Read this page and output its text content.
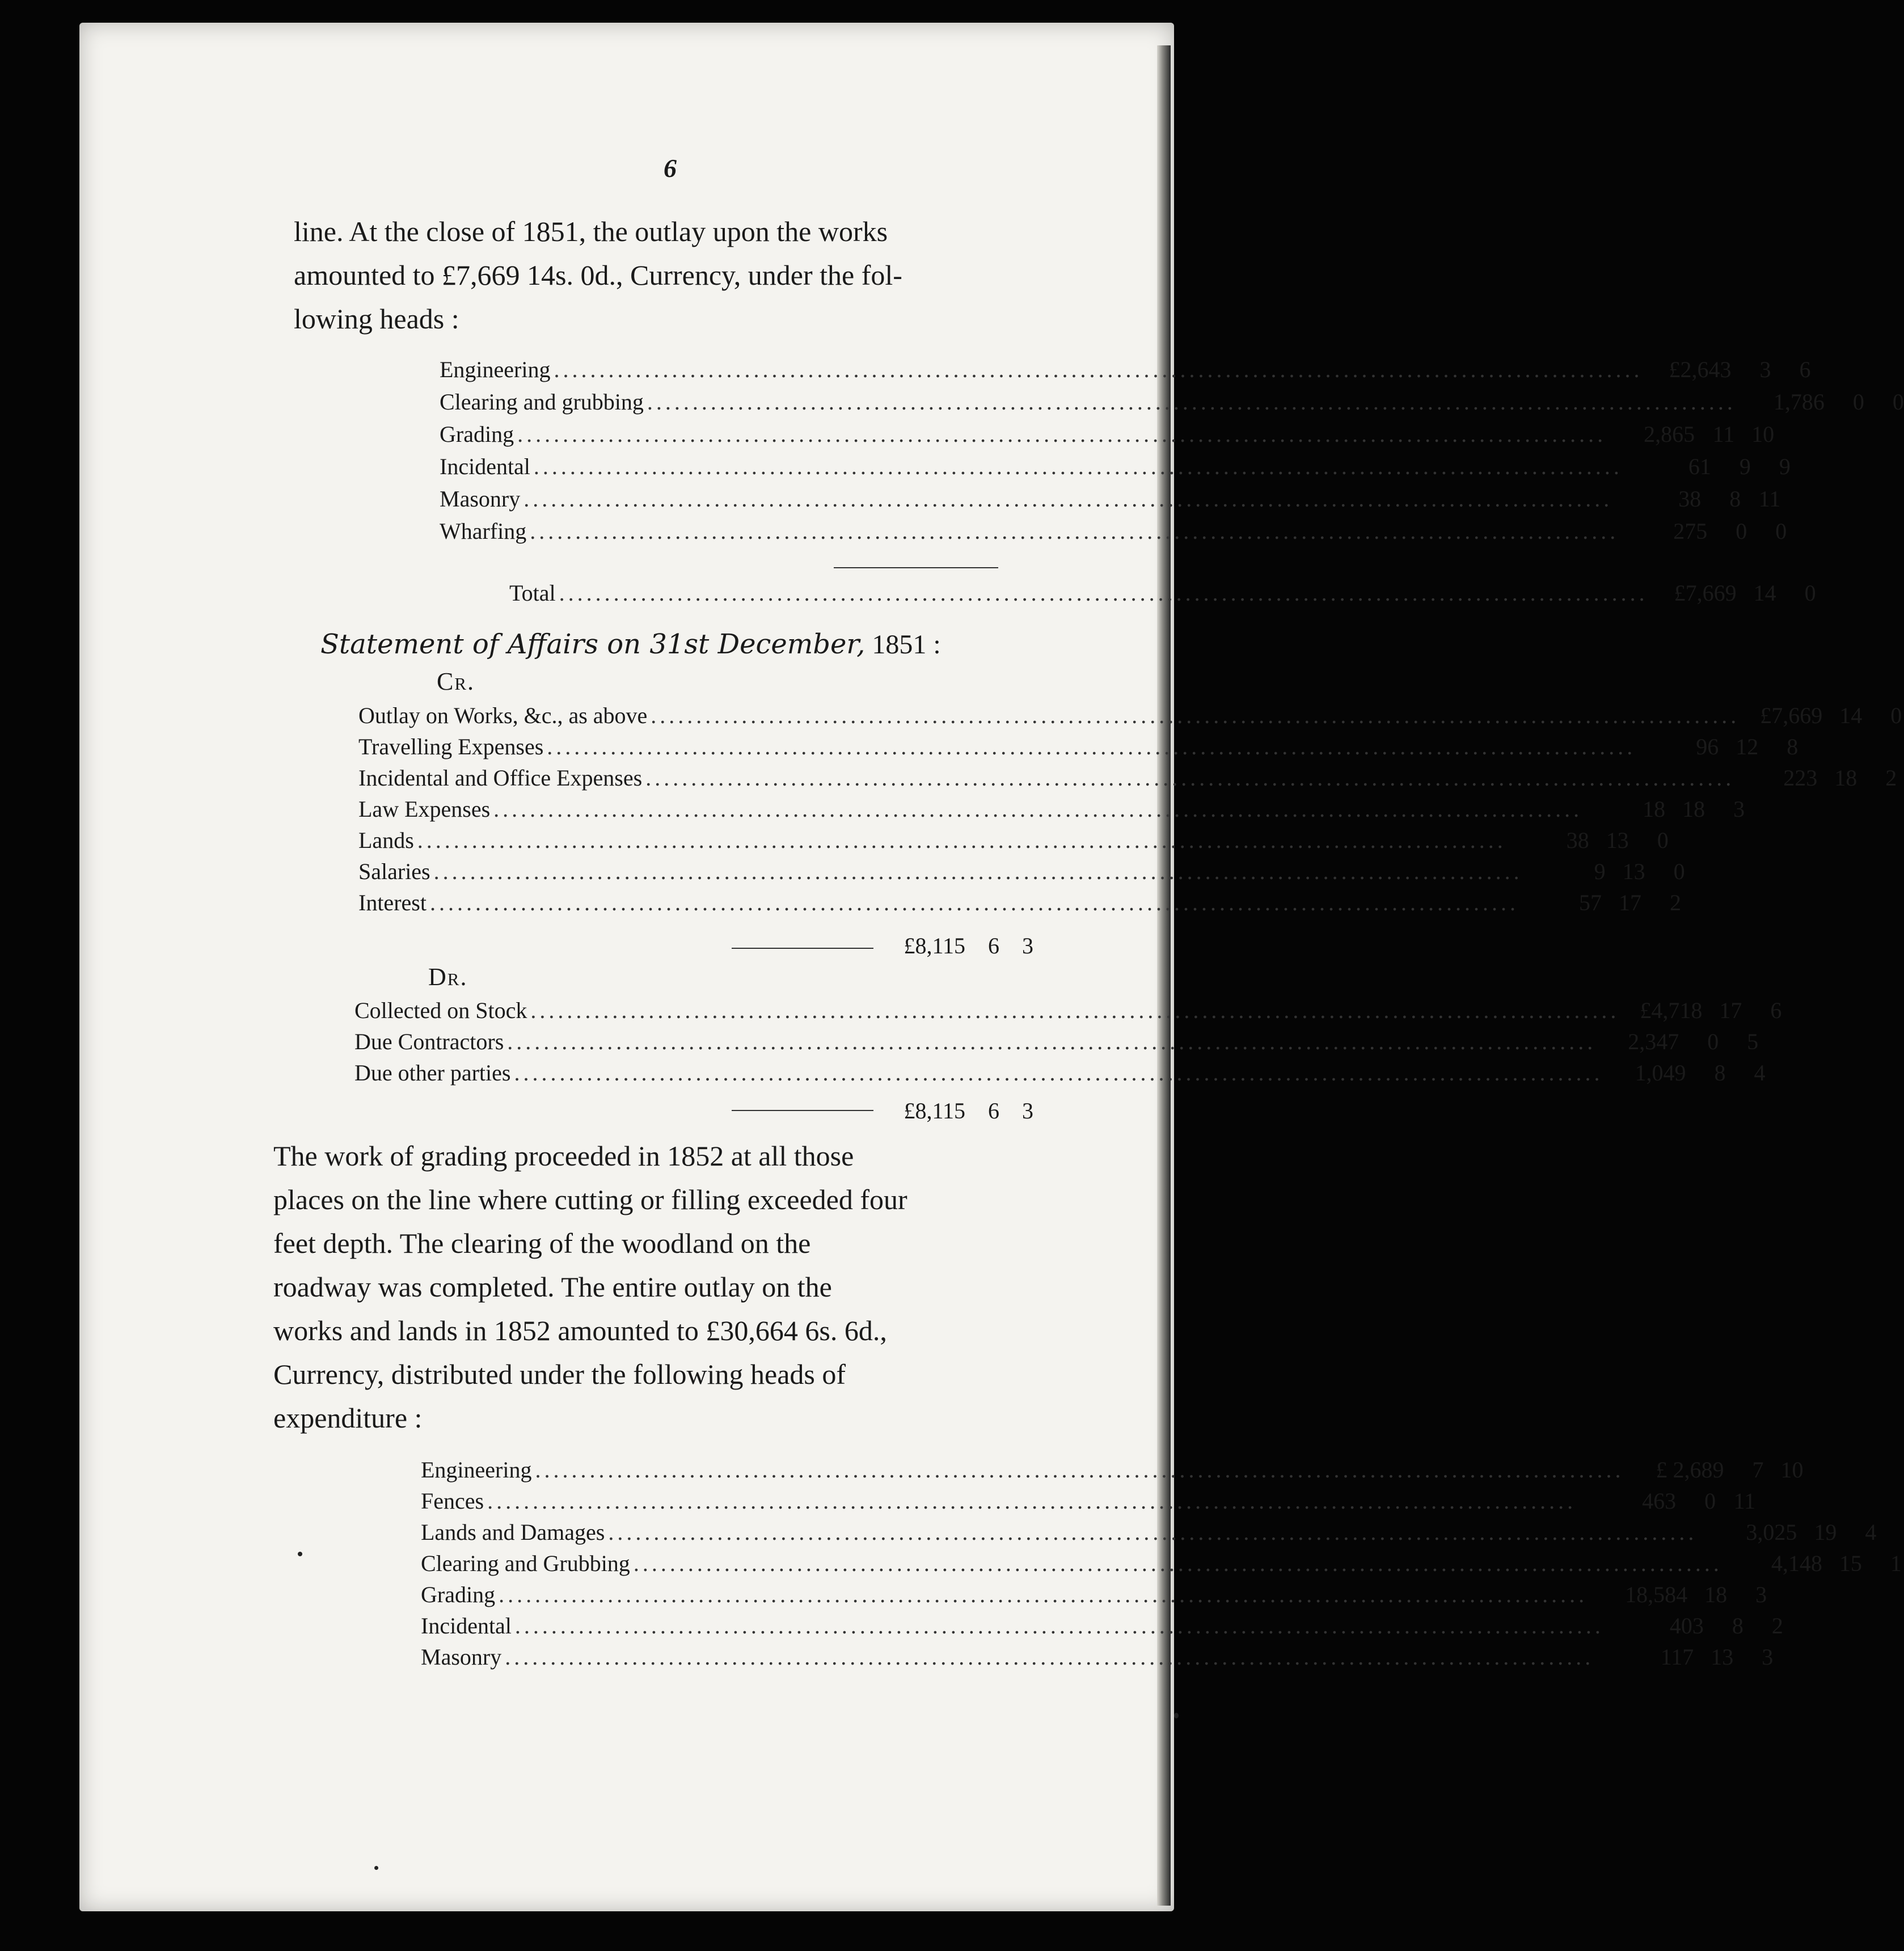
6
line. At the close of 1851, the outlay upon the works
amounted to £7,669 14s. 0d., Currency, under the fol-
lowing heads :
Engineering ........................................................................................................................	£2,643 3 6
Clearing and grubbing ........................................................................................................................	1,786 0 0
Grading ........................................................................................................................	2,865 11 10
Incidental ........................................................................................................................	61 9 9
Masonry ........................................................................................................................	38 8 11
Wharfing ........................................................................................................................	275 0 0
Total ........................................................................................................................	£7,669 14 0
Statement of Affairs on 31st December, 1851 :
Cr.
Outlay on Works, &c., as above ........................................................................................................................ £7,669 14 0
Travelling Expenses ........................................................................................................................	96 12 8
Incidental and Office Expenses ........................................................................................................................	223 18 2
Law Expenses ........................................................................................................................	18 18 3
Lands ........................................................................................................................	38 13 0
Salaries ........................................................................................................................	9 13 0
Interest ........................................................................................................................	57 17 2
£8,115 6 3
Dr.
Collected on Stock ........................................................................................................................ £4,718 17 6
Due Contractors ........................................................................................................................	2,347 0 5
Due other parties ........................................................................................................................	1,049 8 4
£8,115 6 3
The work of grading proceeded in 1852 at all those
places on the line where cutting or filling exceeded four
feet depth. The clearing of the woodland on the
roadway was completed. The entire outlay on the
works and lands in 1852 amounted to £30,664 6s. 6d.,
Currency, distributed under the following heads of
expenditure :
Engineering ........................................................................................................................	£ 2,689 7 10
Fences ........................................................................................................................	463 0 11
Lands and Damages ........................................................................................................................	3,025 19 4
Clearing and Grubbing ........................................................................................................................	4,148 15 1
Grading ........................................................................................................................	18,584 18 3
Incidental ........................................................................................................................	403 8 2
Masonry ........................................................................................................................	117 13 3
